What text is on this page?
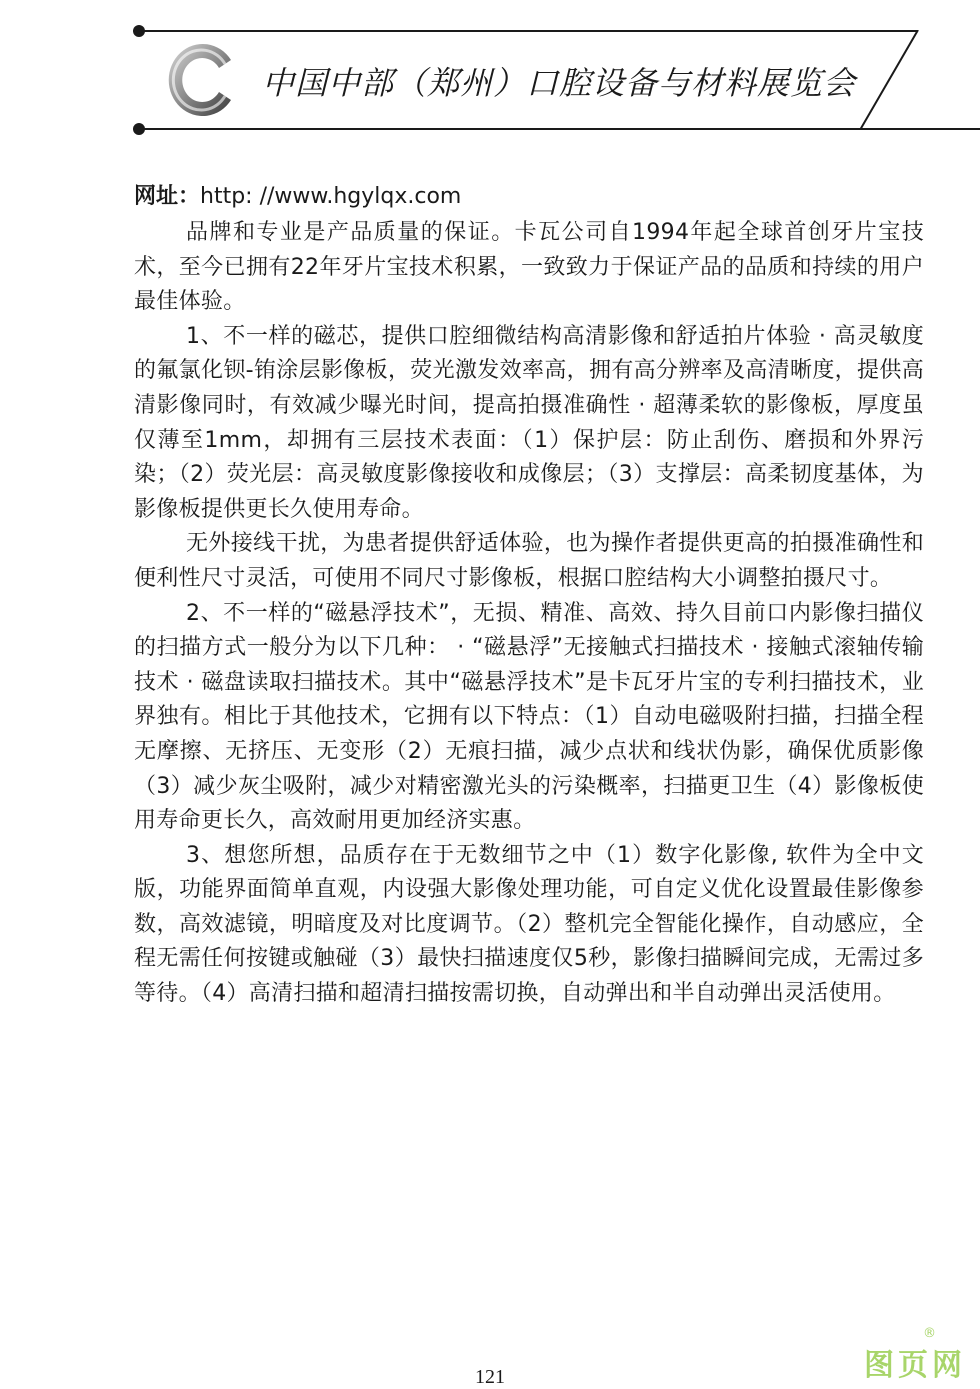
中国中部（郑州）口腔设备与材料展览会

网址：http: //www.hgylqx.com

品牌和专业是产品质量的保证。卡瓦公司自1994年起全球首创牙片宝技术，至今已拥有22年牙片宝技术积累，一致致力于保证产品的品质和持续的用户最佳体验。

1、不一样的磁芯，提供口腔细微结构高清影像和舒适拍片体验 · 高灵敏度的氟氯化钡-铕涂层影像板，荧光激发效率高，拥有高分辨率及高清晰度，提供高清影像同时，有效减少曝光时间，提高拍摄准确性 · 超薄柔软的影像板，厚度虽仅薄至1mm，却拥有三层技术表面：（1）保护层：防止刮伤、磨损和外界污染；（2）荧光层：高灵敏度影像接收和成像层；（3）支撑层：高柔韧度基体，为影像板提供更长久使用寿命。

无外接线干扰，为患者提供舒适体验，也为操作者提供更高的拍摄准确性和便利性尺寸灵活，可使用不同尺寸影像板，根据口腔结构大小调整拍摄尺寸。

2、不一样的“磁悬浮技术”，无损、精准、高效、持久目前口内影像扫描仪的扫描方式一般分为以下几种： · “磁悬浮”无接触式扫描技术 · 接触式滚轴传输技术 · 磁盘读取扫描技术。其中“磁悬浮技术”是卡瓦牙片宝的专利扫描技术，业界独有。相比于其他技术，它拥有以下特点：（1）自动电磁吸附扫描，扫描全程无摩擦、无挤压、无变形（2）无痕扫描，减少点状和线状伪影，确保优质影像（3）减少灰尘吸附，减少对精密激光头的污染概率，扫描更卫生（4）影像板使用寿命更长久，高效耐用更加经济实惠。

3、想您所想，品质存在于无数细节之中（1）数字化影像, 软件为全中文版，功能界面简单直观，内设强大影像处理功能，可自定义优化设置最佳影像参数，高效滤镜，明暗度及对比度调节。（2）整机完全智能化操作，自动感应，全程无需任何按键或触碰（3）最快扫描速度仅5秒，影像扫描瞬间完成，无需过多等待。（4）高清扫描和超清扫描按需切换，自动弹出和半自动弹出灵活使用。

121
®
图页网
